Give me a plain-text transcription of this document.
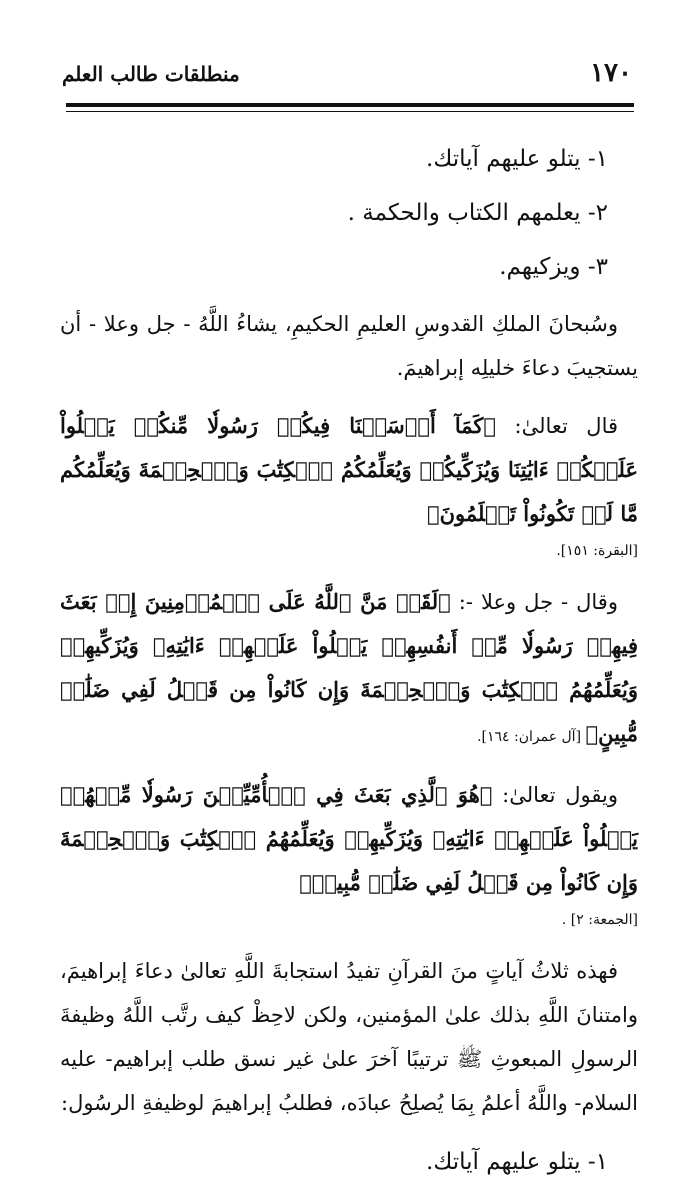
١٧٠
منطلقات طالب العلم
١- يتلو عليهم آياتك.
٢- يعلمهم الكتاب والحكمة .
٣- ويزكيهم.

وسُبحانَ الملكِ القدوسِ العليمِ الحكيمِ، يشاءُ اللَّهُ - جل وعلا - أن يستجيبَ دعاءَ خليلِه إبراهيمَ.

قال تعالىٰ: ﴿كَمَآ أَرۡسَلۡنَا فِيكُمۡ رَسُولٗا مِّنكُمۡ يَتۡلُواْ عَلَيۡكُمۡ ءَايَٰتِنَا وَيُزَكِّيكُمۡ وَيُعَلِّمُكُمُ ٱلۡكِتَٰبَ وَٱلۡحِكۡمَةَ وَيُعَلِّمُكُم مَّا لَمۡ تَكُونُواْ تَعۡلَمُونَ﴾
[البقرة: ١٥١].
وقال - جل وعلا -: ﴿لَقَدۡ مَنَّ ٱللَّهُ عَلَى ٱلۡمُؤۡمِنِينَ إِذۡ بَعَثَ فِيهِمۡ رَسُولٗا مِّنۡ أَنفُسِهِمۡ يَتۡلُواْ عَلَيۡهِمۡ ءَايَٰتِهِۦ وَيُزَكِّيهِمۡ وَيُعَلِّمُهُمُ ٱلۡكِتَٰبَ وَٱلۡحِكۡمَةَ وَإِن كَانُواْ مِن قَبۡلُ لَفِي ضَلَٰلٖ مُّبِينٍ﴾ [آل عمران: ١٦٤].
ويقول تعالىٰ: ﴿هُوَ ٱلَّذِي بَعَثَ فِي ٱلۡأُمِّيِّـۧنَ رَسُولٗا مِّنۡهُمۡ يَتۡلُواْ عَلَيۡهِمۡ ءَايَٰتِهِۦ وَيُزَكِّيهِمۡ وَيُعَلِّمُهُمُ ٱلۡكِتَٰبَ وَٱلۡحِكۡمَةَ وَإِن كَانُواْ مِن قَبۡلُ لَفِي ضَلَٰلٖ مُّبِينٖ﴾
[الجمعة: ٢] .

فهذه ثلاثُ آياتٍ منَ القرآنِ تفيدُ استجابةَ اللَّهِ تعالىٰ دعاءَ إبراهيمَ، وامتنانَ اللَّهِ بذلك علىٰ المؤمنين، ولكن لاحِظْ كيف رتَّب اللَّهُ وظيفةَ الرسولِ المبعوثِ ﷺ ترتيبًا آخرَ علىٰ غير نسق طلب إبراهيم- عليه السلام- واللَّهُ أعلمُ بِمَا يُصلِحُ عبادَه، فطلبُ إبراهيمَ لوظيفةِ الرسُول:

١- يتلو عليهم آياتك.
